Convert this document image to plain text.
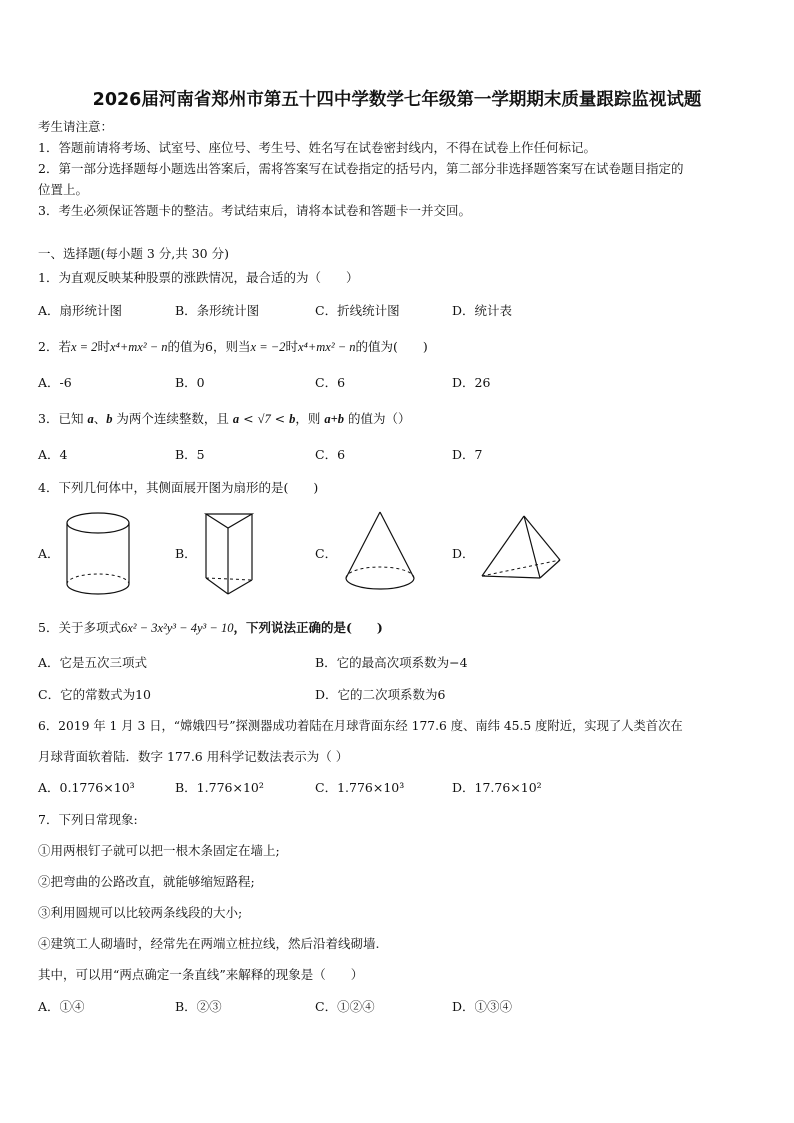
2026届河南省郑州市第五十四中学数学七年级第一学期期末质量跟踪监视试题
考生请注意：
1．答题前请将考场、试室号、座位号、考生号、姓名写在试卷密封线内，不得在试卷上作任何标记。
2．第一部分选择题每小题选出答案后，需将答案写在试卷指定的括号内，第二部分非选择题答案写在试卷题目指定的
位置上。
3．考生必须保证答题卡的整洁。考试结束后，请将本试卷和答题卡一并交回。
一、选择题(每小题 3 分,共 30 分)
1．为直观反映某种股票的涨跌情况，最合适的为（　　）
A．扇形统计图	B．条形统计图	C．折线统计图	D．统计表
2．若x = 2时x⁴+mx² − n的值为6，则当x = −2时x⁴+mx² − n的值为(　　)
A．-6	B．0	C．6	D．26
3．已知 a、b 为两个连续整数，且 a < √7 < b，则 a+b 的值为（）
A．4	B．5	C．6	D．7
4．下列几何体中，其侧面展开图为扇形的是(　　)
A．	B．	C．	D．
5．关于多项式6x² − 3x²y³ − 4y³ − 10，下列说法正确的是(　　)
A．它是五次三项式	B．它的最高次项系数为−4
C．它的常数式为10	D．它的二次项系数为6
6．2019 年 1 月 3 日，“嫦娥四号”探测器成功着陆在月球背面东经 177.6 度、南纬 45.5 度附近，实现了人类首次在
月球背面软着陆．数字 177.6 用科学记数法表示为（ ）
A．0.1776×10³	B．1.776×10²	C．1.776×10³	D．17.76×10²
7．下列日常现象:
①用两根钉子就可以把一根木条固定在墙上;
②把弯曲的公路改直，就能够缩短路程;
③利用圆规可以比较两条线段的大小;
④建筑工人砌墙时，经常先在两端立桩拉线，然后沿着线砌墙.
其中，可以用“两点确定一条直线”来解释的现象是（　　）
A．①④	B．②③	C．①②④	D．①③④
